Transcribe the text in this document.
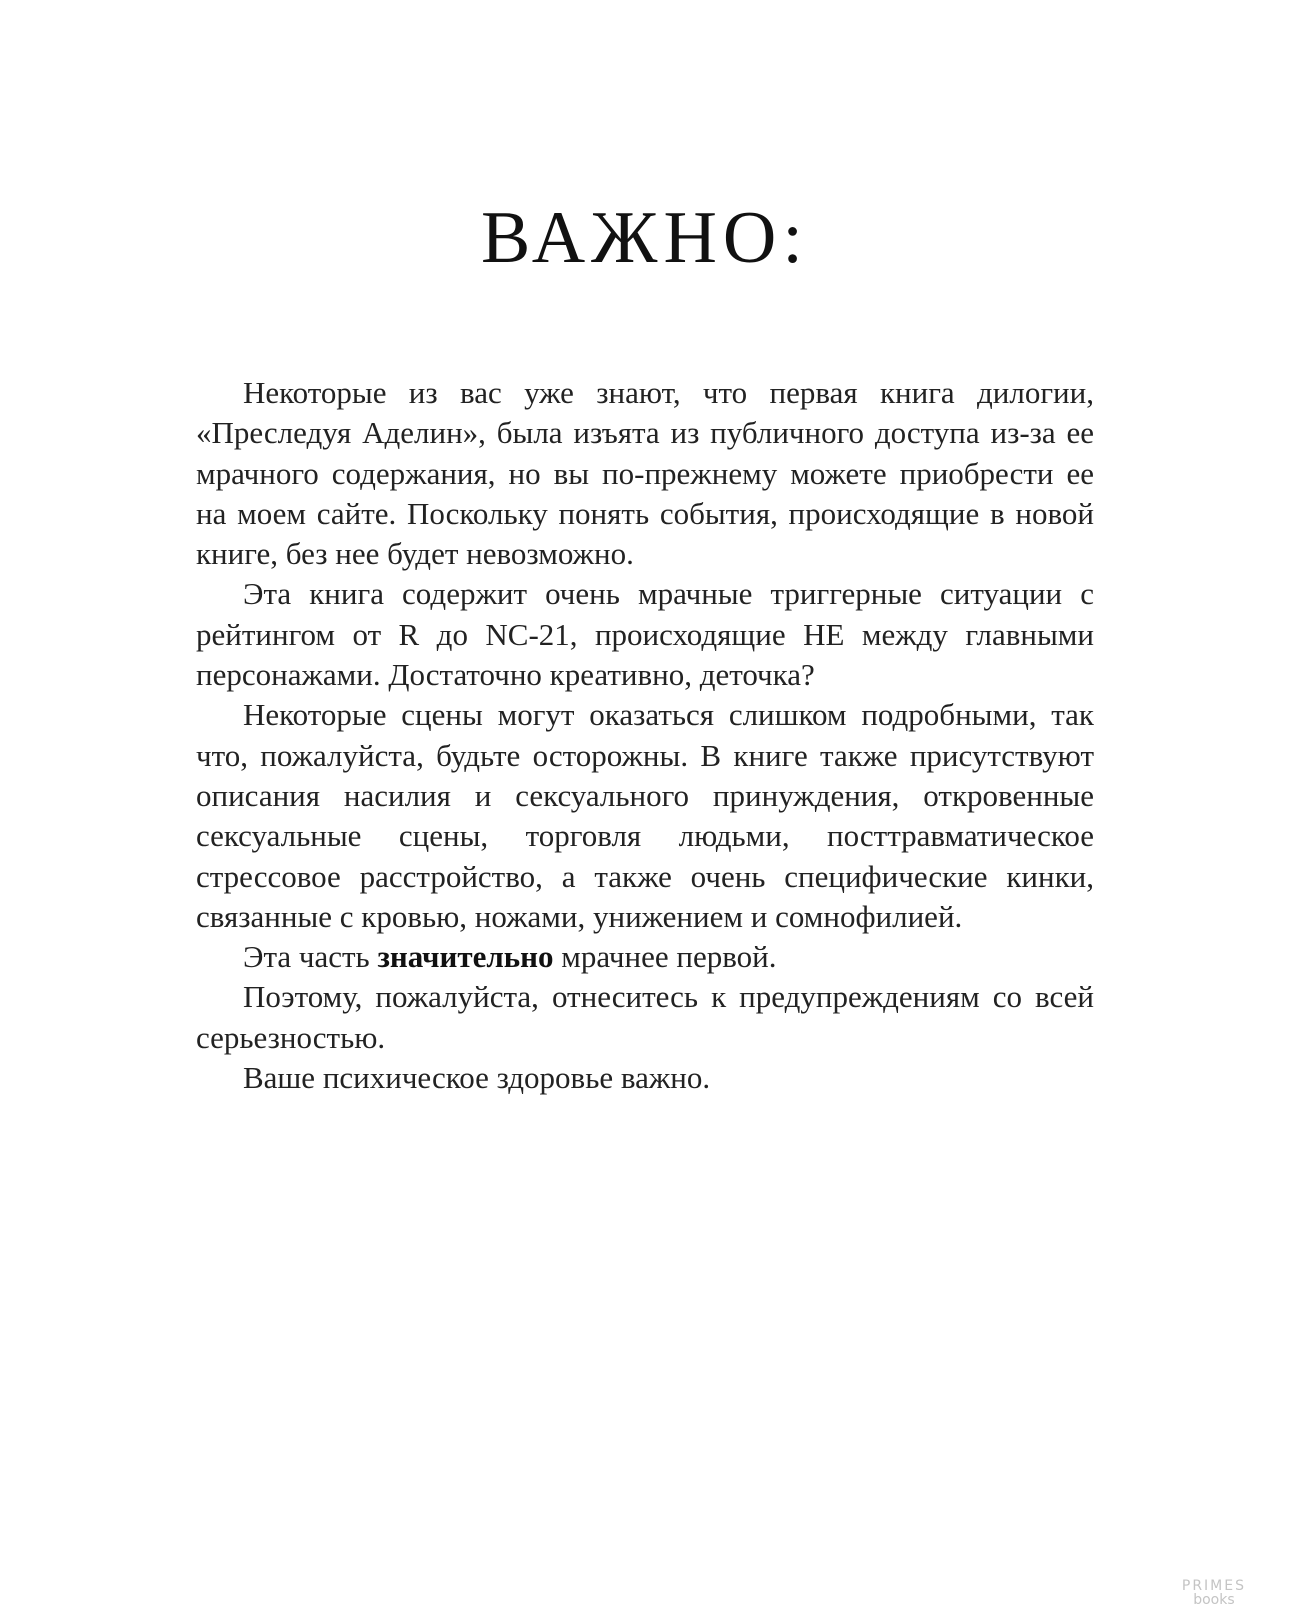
ВАЖНО:

Некоторые из вас уже знают, что первая книга дилогии, «Преследуя Аделин», была изъята из публичного доступа из-за ее мрачного содержания, но вы по-прежнему можете приобрести ее на моем сайте. Поскольку понять события, происходящие в новой книге, без нее будет невозможно.

Эта книга содержит очень мрачные триггерные ситуации с рейтингом от R до NC-21, происходящие НЕ между главными персонажами. Достаточно креативно, деточка?

Некоторые сцены могут оказаться слишком подробными, так что, пожалуйста, будьте осторожны. В книге также присутствуют описания насилия и сексуального принуждения, откровенные сексуальные сцены, торговля людьми, посттравматическое стрессовое расстройство, а также очень специфические кинки, связанные с кровью, ножами, унижением и сомнофилией.

Эта часть значительно мрачнее первой.

Поэтому, пожалуйста, отнеситесь к предупреждениям со всей серьезностью.

Ваше психическое здоровье важно.

PRIMES
books
